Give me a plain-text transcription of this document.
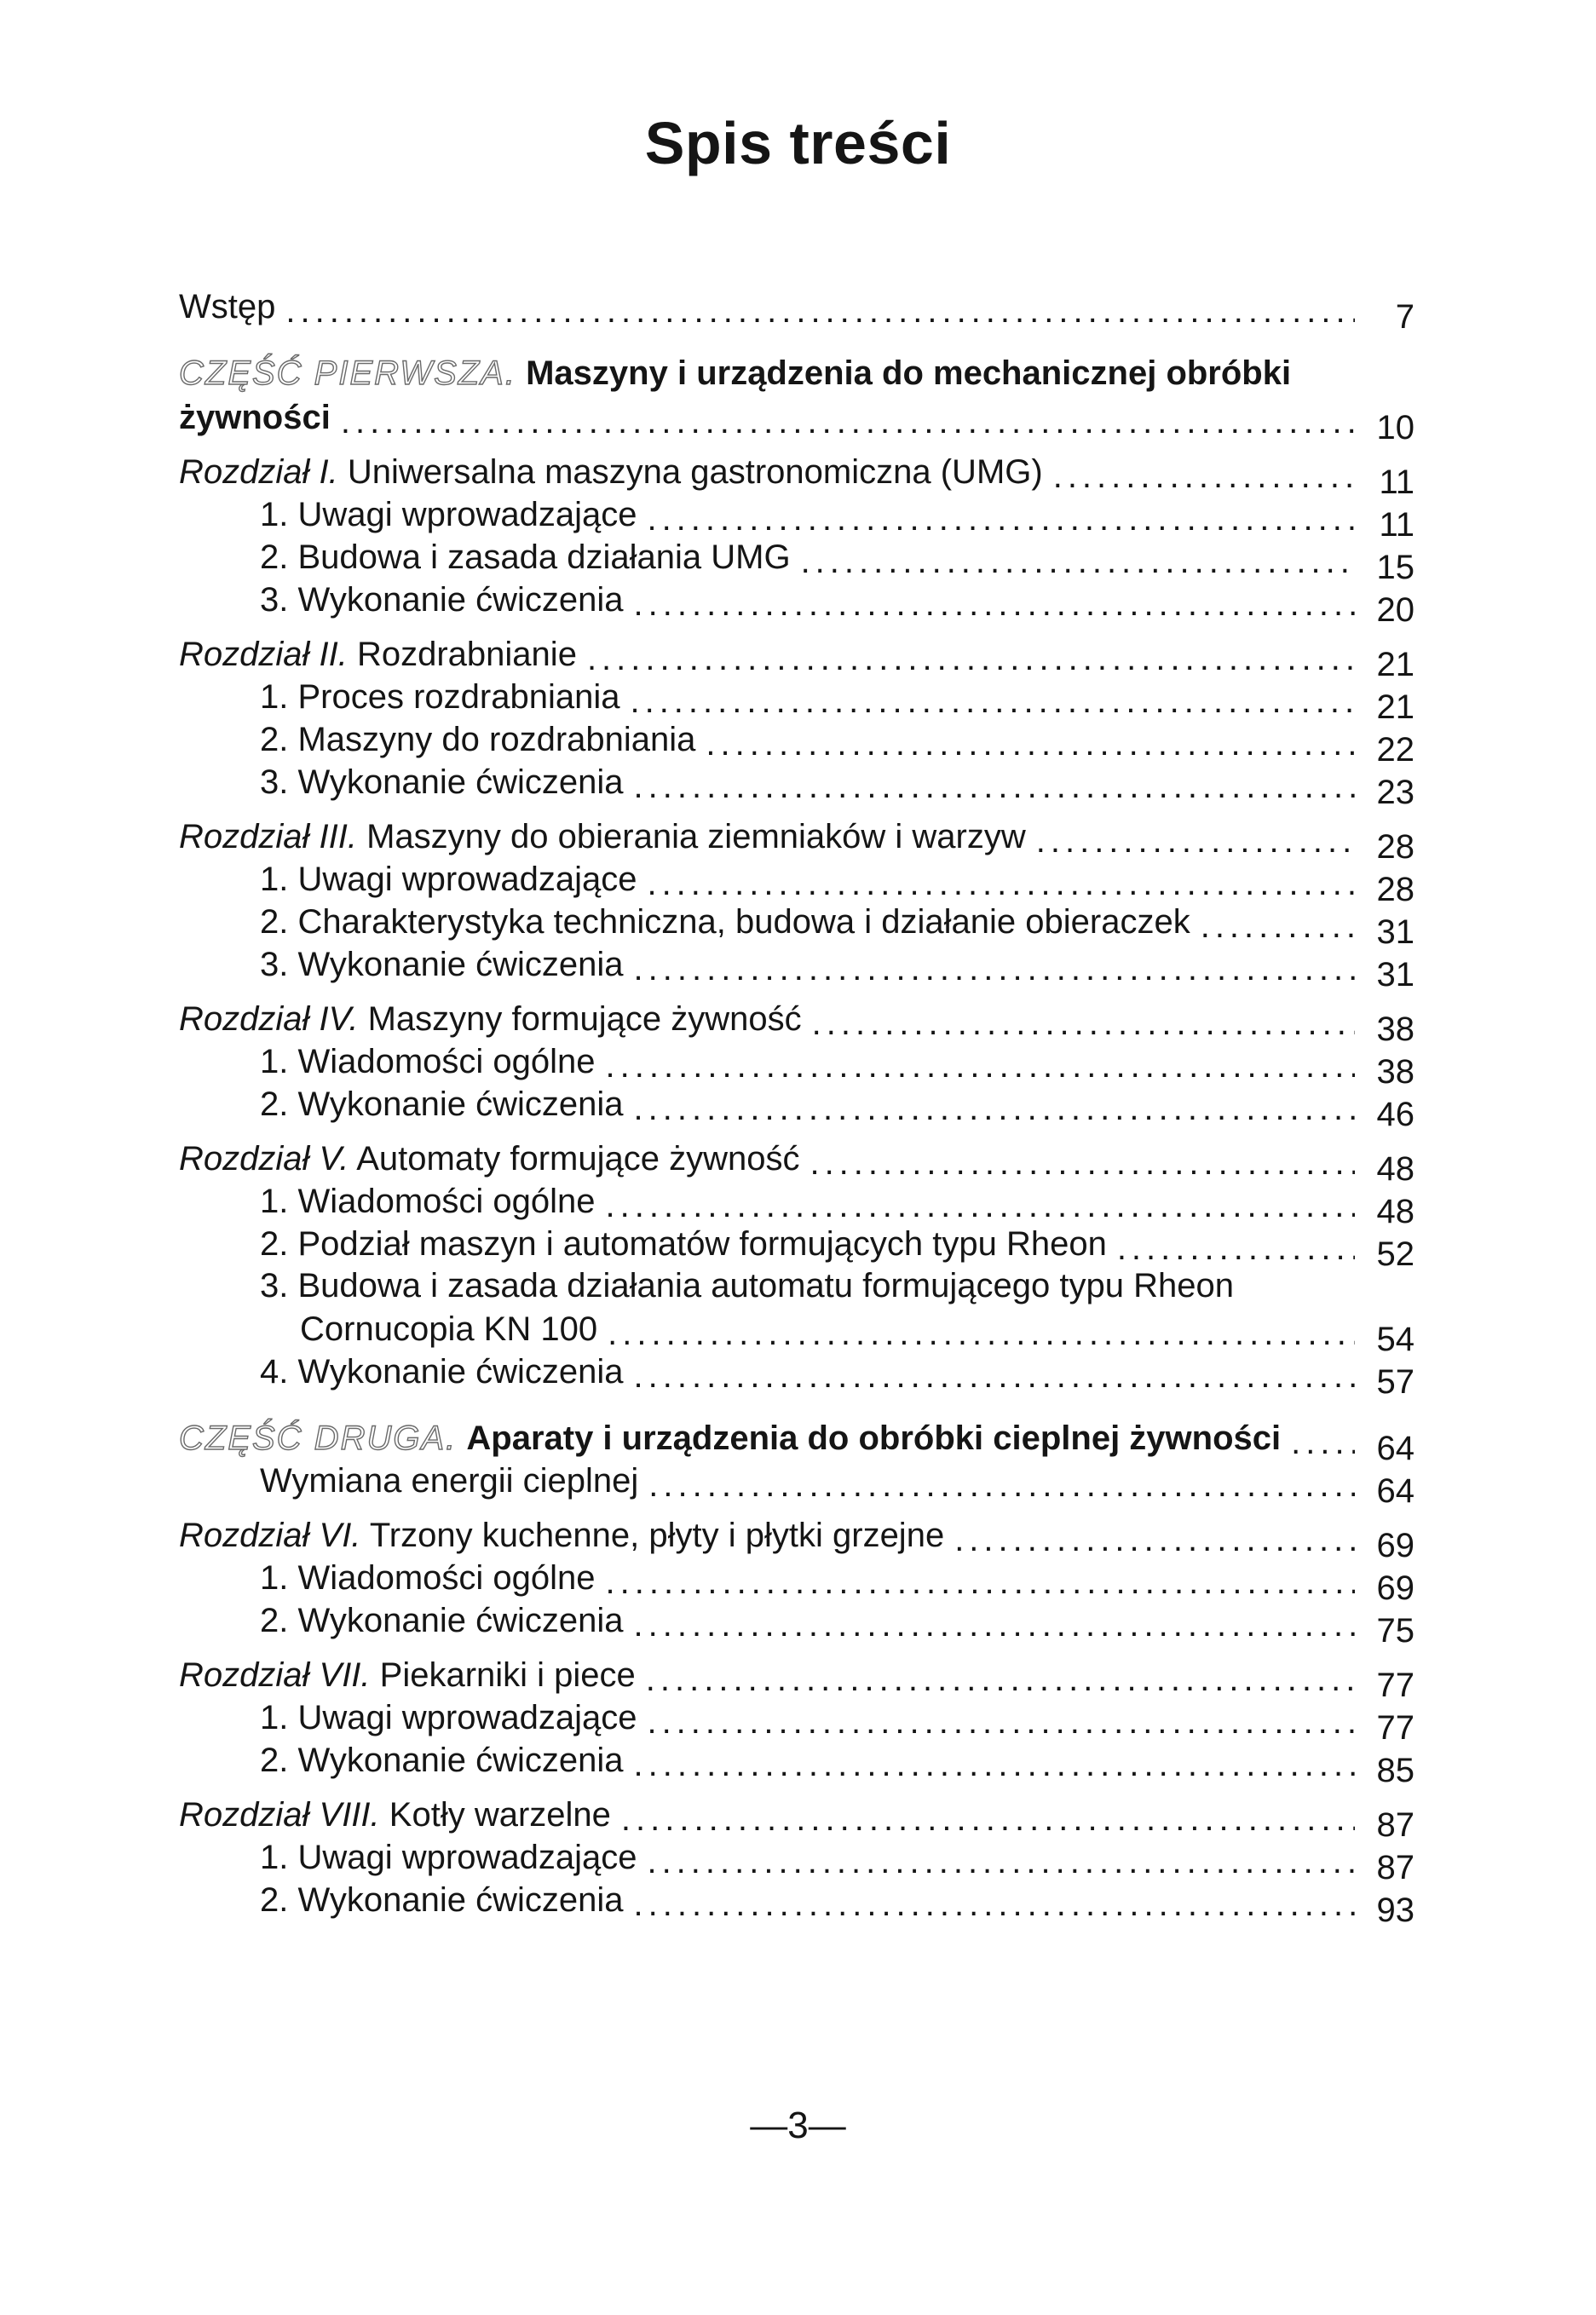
Spis treści
Wstęp .....	7
CZĘŚĆ PIERWSZA. Maszyny i urządzenia do mechanicznej obróbki
żywności .....	10
Rozdział I. Uniwersalna maszyna gastronomiczna (UMG) .....	11
1. Uwagi wprowadzające .....	11
2. Budowa i zasada działania UMG .....	15
3. Wykonanie ćwiczenia .....	20
Rozdział II. Rozdrabnianie .....	21
1. Proces rozdrabniania .....	21
2. Maszyny do rozdrabniania .....	22
3. Wykonanie ćwiczenia .....	23
Rozdział III. Maszyny do obierania ziemniaków i warzyw .....	28
1. Uwagi wprowadzające .....	28
2. Charakterystyka techniczna, budowa i działanie obieraczek .....	31
3. Wykonanie ćwiczenia .....	31
Rozdział IV. Maszyny formujące żywność .....	38
1. Wiadomości ogólne .....	38
2. Wykonanie ćwiczenia .....	46
Rozdział V. Automaty formujące żywność .....	48
1. Wiadomości ogólne .....	48
2. Podział maszyn i automatów formujących typu Rheon .....	52
3. Budowa i zasada działania automatu formującego typu Rheon
Cornucopia KN 100 .....	54
4. Wykonanie ćwiczenia .....	57
CZĘŚĆ DRUGA. Aparaty i urządzenia do obróbki cieplnej żywności .....	64
Wymiana energii cieplnej .....	64
Rozdział VI. Trzony kuchenne, płyty i płytki grzejne .....	69
1. Wiadomości ogólne .....	69
2. Wykonanie ćwiczenia .....	75
Rozdział VII. Piekarniki i piece .....	77
1. Uwagi wprowadzające .....	77
2. Wykonanie ćwiczenia .....	85
Rozdział VIII. Kotły warzelne .....	87
1. Uwagi wprowadzające .....	87
2. Wykonanie ćwiczenia .....	93
—3—
